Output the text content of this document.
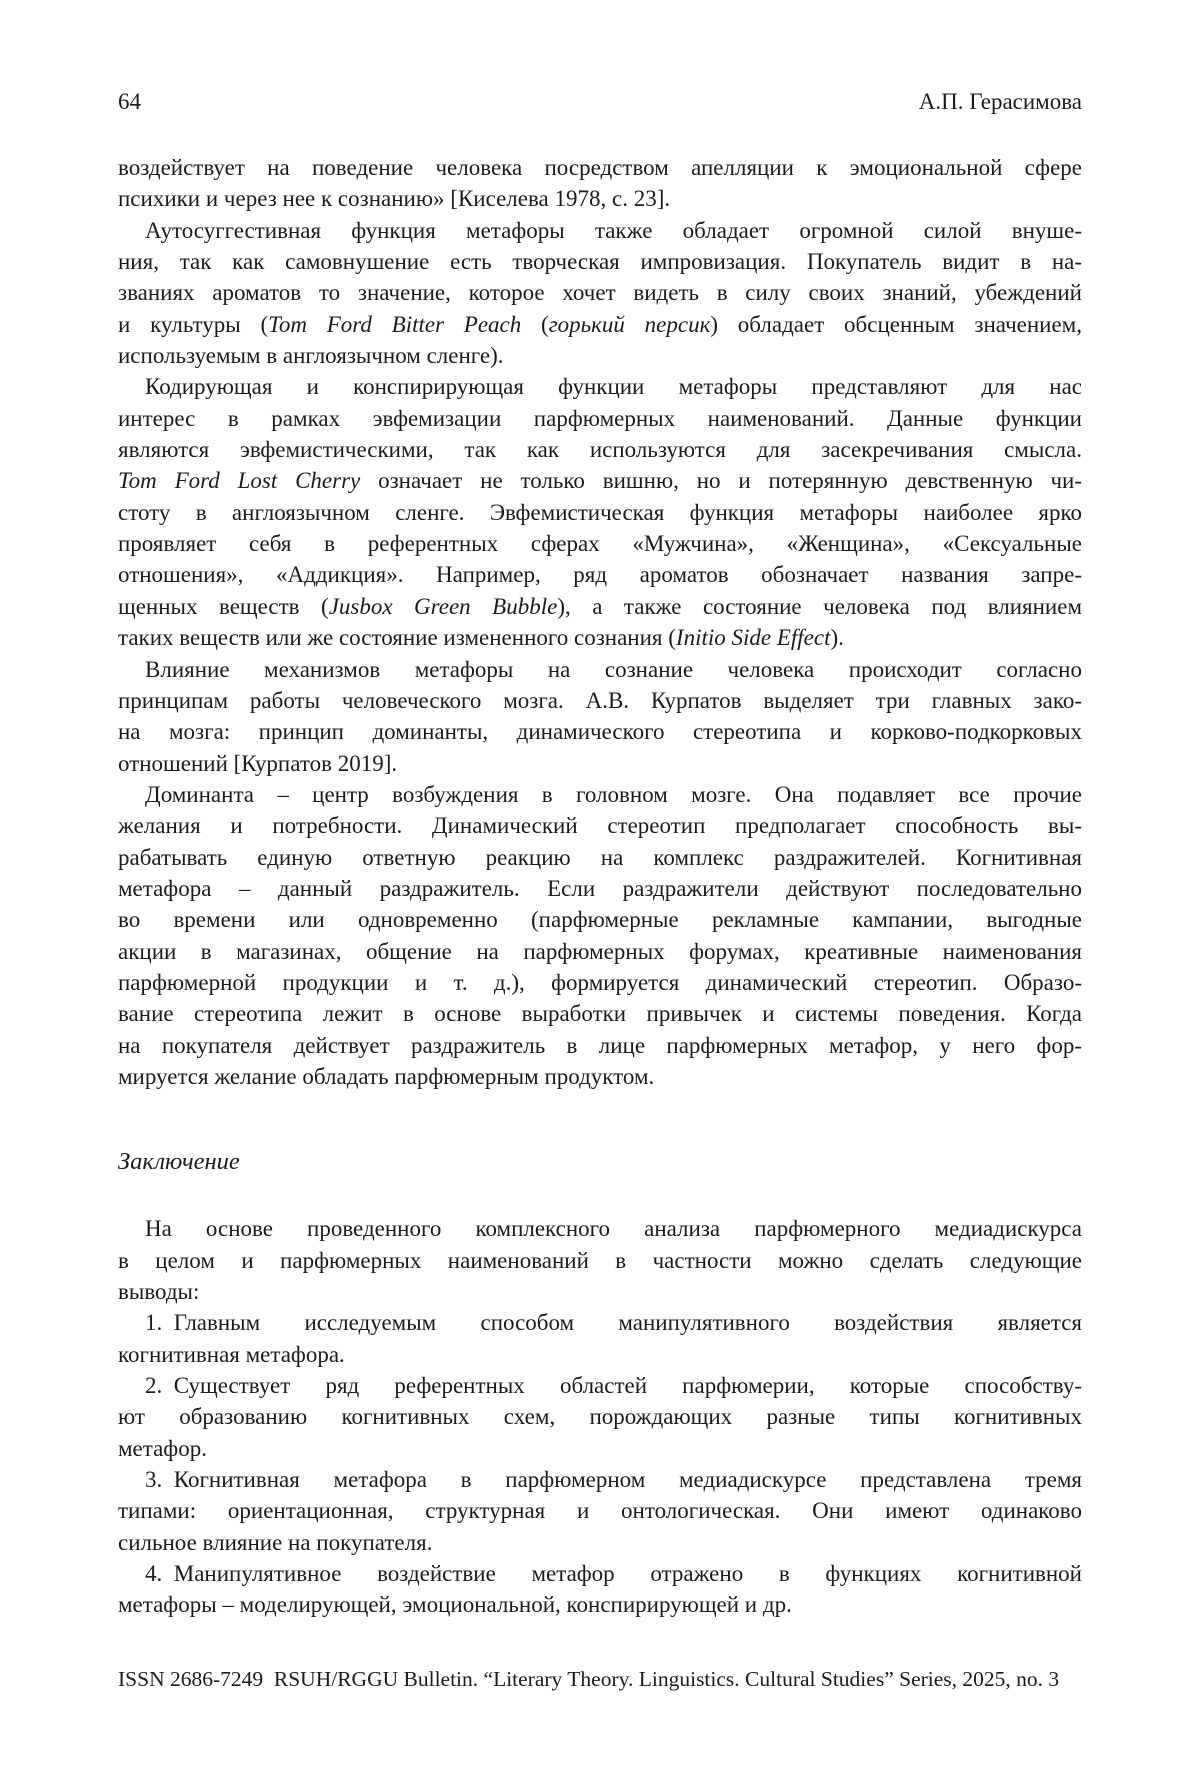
64	А.П. Герасимова
воздействует на поведение человека посредством апелляции к эмоциональной сфере
психики и через нее к сознанию» [Киселева 1978, с. 23].
Аутосуггестивная функция метафоры также обладает огромной силой внуше-
ния, так как самовнушение есть творческая импровизация. Покупатель видит в на-
званиях ароматов то значение, которое хочет видеть в силу своих знаний, убеждений
и культуры (Tom Ford Bitter Peach (горький персик) обладает обсценным значением,
используемым в англоязычном сленге).
Кодирующая и конспирирующая функции метафоры представляют для нас
интерес в рамках эвфемизации парфюмерных наименований. Данные функции
являются эвфемистическими, так как используются для засекречивания смысла.
Tom Ford Lost Cherry означает не только вишню, но и потерянную девственную чи-
стоту в англоязычном сленге. Эвфемистическая функция метафоры наиболее ярко
проявляет себя в референтных сферах «Мужчина», «Женщина», «Сексуальные
отношения», «Аддикция». Например, ряд ароматов обозначает названия запре-
щенных веществ (Jusbox Green Bubble), а также состояние человека под влиянием
таких веществ или же состояние измененного сознания (Initio Side Effect).
Влияние механизмов метафоры на сознание человека происходит согласно
принципам работы человеческого мозга. А.В. Курпатов выделяет три главных зако-
на мозга: принцип доминанты, динамического стереотипа и корково-подкорковых
отношений [Курпатов 2019].
Доминанта – центр возбуждения в головном мозге. Она подавляет все прочие
желания и потребности. Динамический стереотип предполагает способность вы-
рабатывать единую ответную реакцию на комплекс раздражителей. Когнитивная
метафора – данный раздражитель. Если раздражители действуют последовательно
во времени или одновременно (парфюмерные рекламные кампании, выгодные
акции в магазинах, общение на парфюмерных форумах, креативные наименования
парфюмерной продукции и т. д.), формируется динамический стереотип. Образо-
вание стереотипа лежит в основе выработки привычек и системы поведения. Когда
на покупателя действует раздражитель в лице парфюмерных метафор, у него фор-
мируется желание обладать парфюмерным продуктом.
Заключение
На основе проведенного комплексного анализа парфюмерного медиадискурса
в целом и парфюмерных наименований в частности можно сделать следующие
выводы:
1. Главным исследуемым способом манипулятивного воздействия является
когнитивная метафора.
2. Существует ряд референтных областей парфюмерии, которые способству-
ют образованию когнитивных схем, порождающих разные типы когнитивных
метафор.
3. Когнитивная метафора в парфюмерном медиадискурсе представлена тремя
типами: ориентационная, структурная и онтологическая. Они имеют одинаково
сильное влияние на покупателя.
4. Манипулятивное воздействие метафор отражено в функциях когнитивной
метафоры – моделирующей, эмоциональной, конспирирующей и др.
ISSN 2686-7249 RSUH/RGGU Bulletin. “Literary Theory. Linguistics. Cultural Studies” Series, 2025, no. 3
